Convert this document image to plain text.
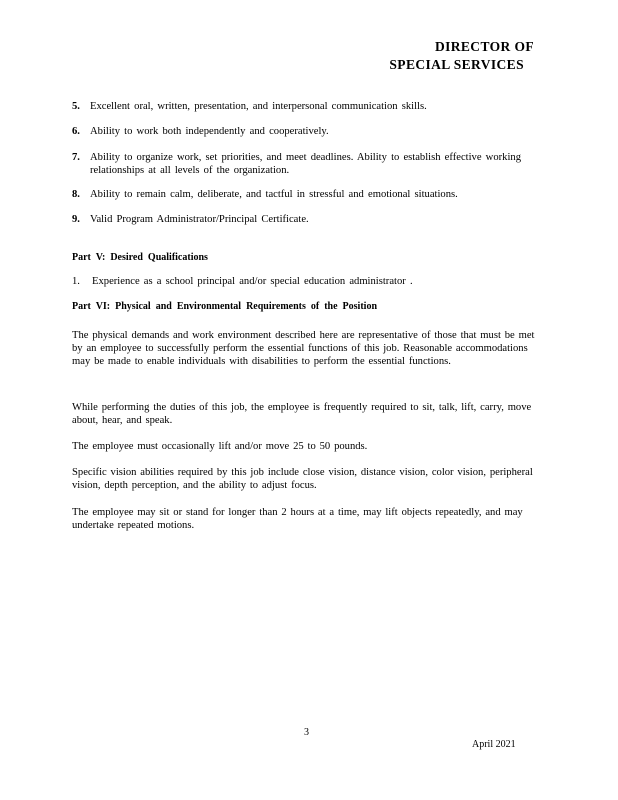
DIRECTOR OF
SPECIAL SERVICES
5. Excellent oral, written, presentation, and interpersonal communication skills.
6. Ability to work both independently and cooperatively.
7. Ability to organize work, set priorities, and meet deadlines. Ability to establish effective working relationships at all levels of the organization.
8. Ability to remain calm, deliberate, and tactful in stressful and emotional situations.
9. Valid Program Administrator/Principal Certificate.
Part V: Desired Qualifications
1. Experience as a school principal and/or special education administrator .
Part VI: Physical and Environmental Requirements of the Position
The physical demands and work environment described here are representative of those that must be met by an employee to successfully perform the essential functions of this job. Reasonable accommodations may be made to enable individuals with disabilities to perform the essential functions.
While performing the duties of this job, the employee is frequently required to sit, talk, lift, carry, move about, hear, and speak.
The employee must occasionally lift and/or move 25 to 50 pounds.
Specific vision abilities required by this job include close vision, distance vision, color vision, peripheral vision, depth perception, and the ability to adjust focus.
The employee may sit or stand for longer than 2 hours at a time, may lift objects repeatedly, and may undertake repeated motions.
3
April 2021
